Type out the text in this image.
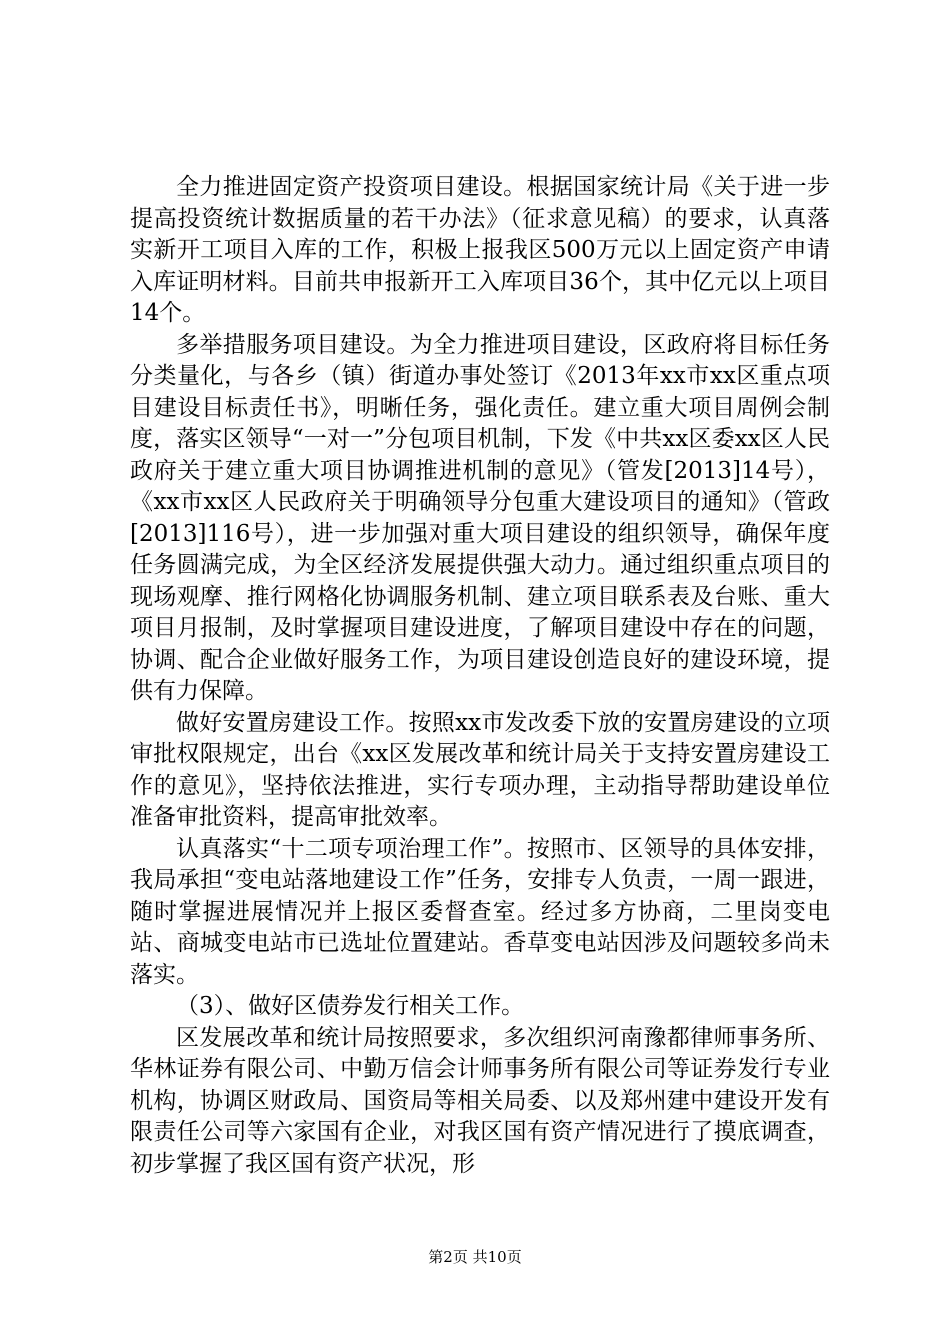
全力推进固定资产投资项目建设。根据国家统计局《关于进一步提高投资统计数据质量的若干办法》（征求意见稿）的要求，认真落实新开工项目入库的工作，积极上报我区500万元以上固定资产申请入库证明材料。目前共申报新开工入库项目36个，其中亿元以上项目14个。

多举措服务项目建设。为全力推进项目建设，区政府将目标任务分类量化，与各乡（镇）街道办事处签订《2013年xx市xx区重点项目建设目标责任书》，明晰任务，强化责任。建立重大项目周例会制度，落实区领导“一对一”分包项目机制，下发《中共xx区委xx区人民政府关于建立重大项目协调推进机制的意见》（管发[2013]14号），《xx市xx区人民政府关于明确领导分包重大建设项目的通知》（管政[2013]116号），进一步加强对重大项目建设的组织领导，确保年度任务圆满完成，为全区经济发展提供强大动力。通过组织重点项目的现场观摩、推行网格化协调服务机制、建立项目联系表及台账、重大项目月报制，及时掌握项目建设进度，了解项目建设中存在的问题，协调、配合企业做好服务工作，为项目建设创造良好的建设环境，提供有力保障。

做好安置房建设工作。按照xx市发改委下放的安置房建设的立项审批权限规定，出台《xx区发展改革和统计局关于支持安置房建设工作的意见》，坚持依法推进，实行专项办理，主动指导帮助建设单位准备审批资料，提高审批效率。

认真落实“十二项专项治理工作”。按照市、区领导的具体安排，我局承担“变电站落地建设工作”任务，安排专人负责，一周一跟进，随时掌握进展情况并上报区委督查室。经过多方协商，二里岗变电站、商城变电站市已选址位置建站。香草变电站因涉及问题较多尚未落实。

（3）、做好区债券发行相关工作。

区发展改革和统计局按照要求，多次组织河南豫都律师事务所、华林证券有限公司、中勤万信会计师事务所有限公司等证券发行专业机构，协调区财政局、国资局等相关局委、以及郑州建中建设开发有限责任公司等六家国有企业，对我区国有资产情况进行了摸底调查，初步掌握了我区国有资产状况，形

第2页 共10页
